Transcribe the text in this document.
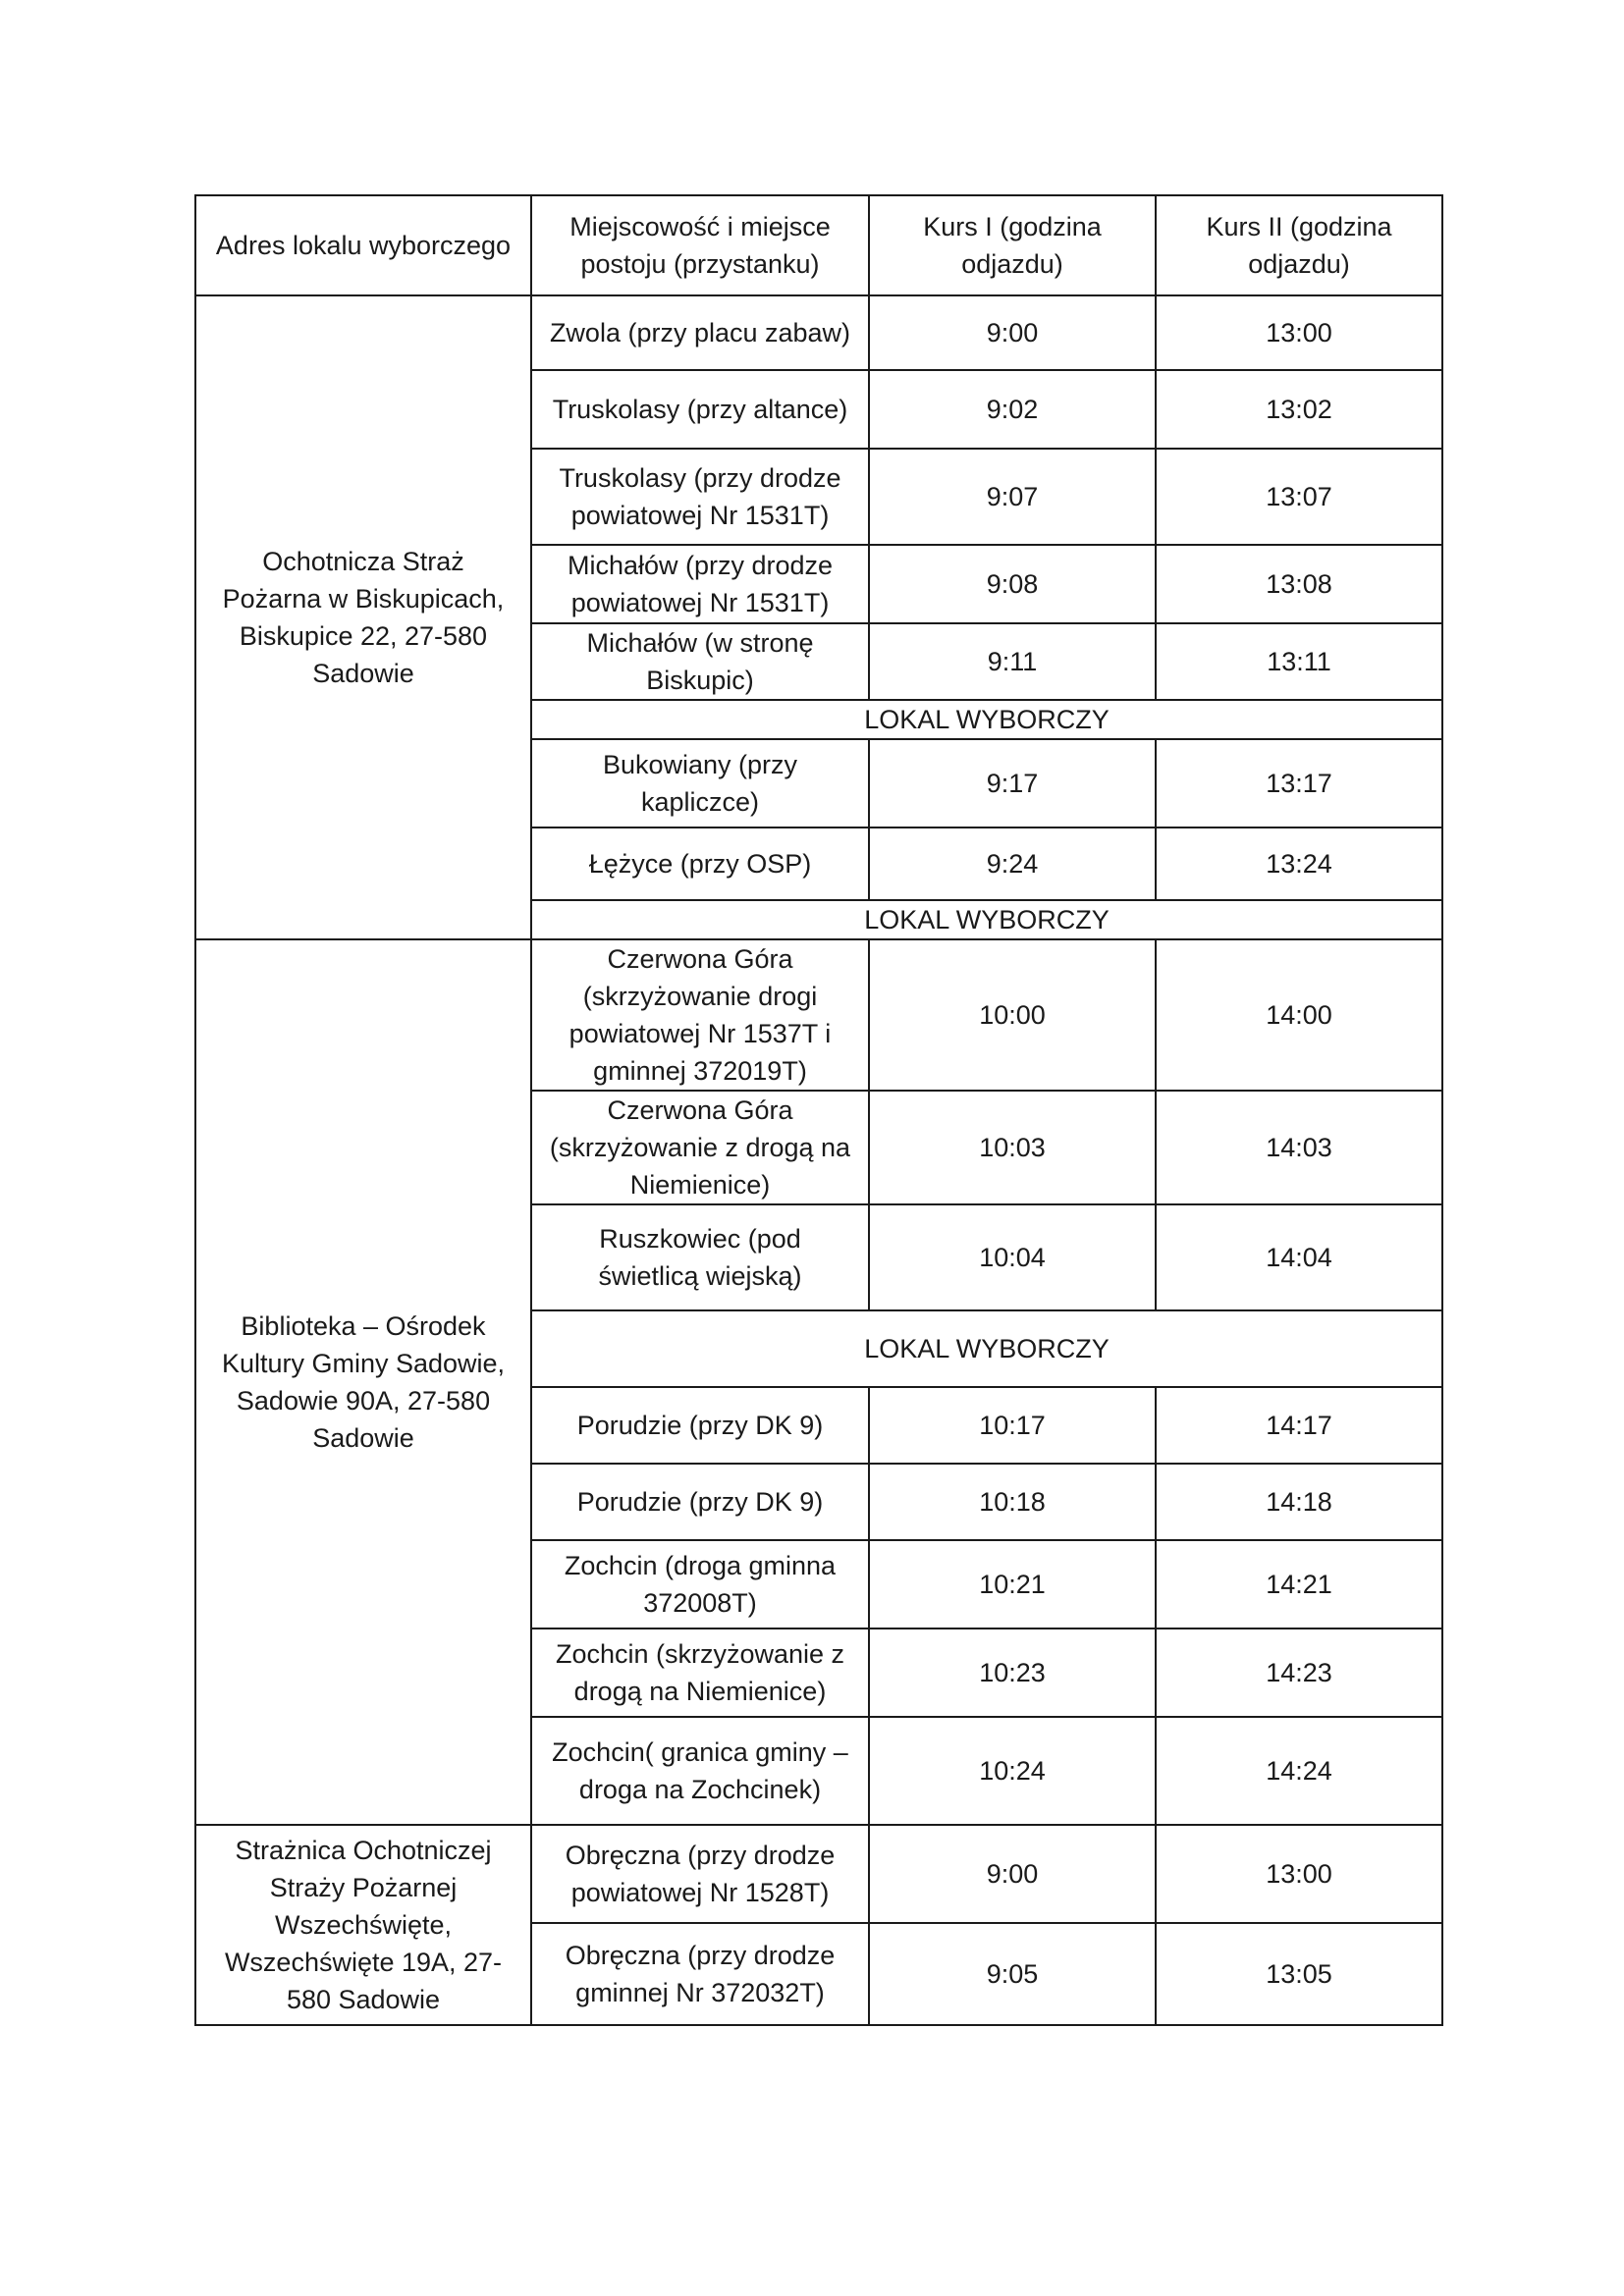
Adres lokalu wyborczego	Miejscowość i miejsce postoju (przystanku)	Kurs I (godzina odjazdu)	Kurs II (godzina odjazdu)
Ochotnicza Straż Pożarna w Biskupicach, Biskupice 22, 27-580 Sadowie	Zwola (przy placu zabaw)	9:00	13:00
	Truskolasy (przy altance)	9:02	13:02
	Truskolasy (przy drodze powiatowej Nr 1531T)	9:07	13:07
	Michałów (przy drodze powiatowej Nr 1531T)	9:08	13:08
	Michałów (w stronę Biskupic)	9:11	13:11
	LOKAL WYBORCZY		
	Bukowiany (przy kapliczce)	9:17	13:17
	Łężyce (przy OSP)	9:24	13:24
	LOKAL WYBORCZY		
Biblioteka – Ośrodek Kultury Gminy Sadowie, Sadowie 90A, 27-580 Sadowie	Czerwona Góra (skrzyżowanie drogi powiatowej Nr 1537T i gminnej 372019T)	10:00	14:00
	Czerwona Góra (skrzyżowanie z drogą na Niemienice)	10:03	14:03
	Ruszkowiec (pod świetlicą wiejską)	10:04	14:04
	LOKAL WYBORCZY		
	Porudzie (przy DK 9)	10:17	14:17
	Porudzie (przy DK 9)	10:18	14:18
	Zochcin (droga gminna 372008T)	10:21	14:21
	Zochcin (skrzyżowanie z drogą na Niemienice)	10:23	14:23
	Zochcin( granica gminy – droga na Zochcinek)	10:24	14:24
Strażnica Ochotniczej Straży Pożarnej Wszechświęte, Wszechświęte 19A, 27-580 Sadowie	Obręczna (przy drodze powiatowej Nr 1528T)	9:00	13:00
	Obręczna (przy drodze gminnej Nr 372032T)	9:05	13:05
